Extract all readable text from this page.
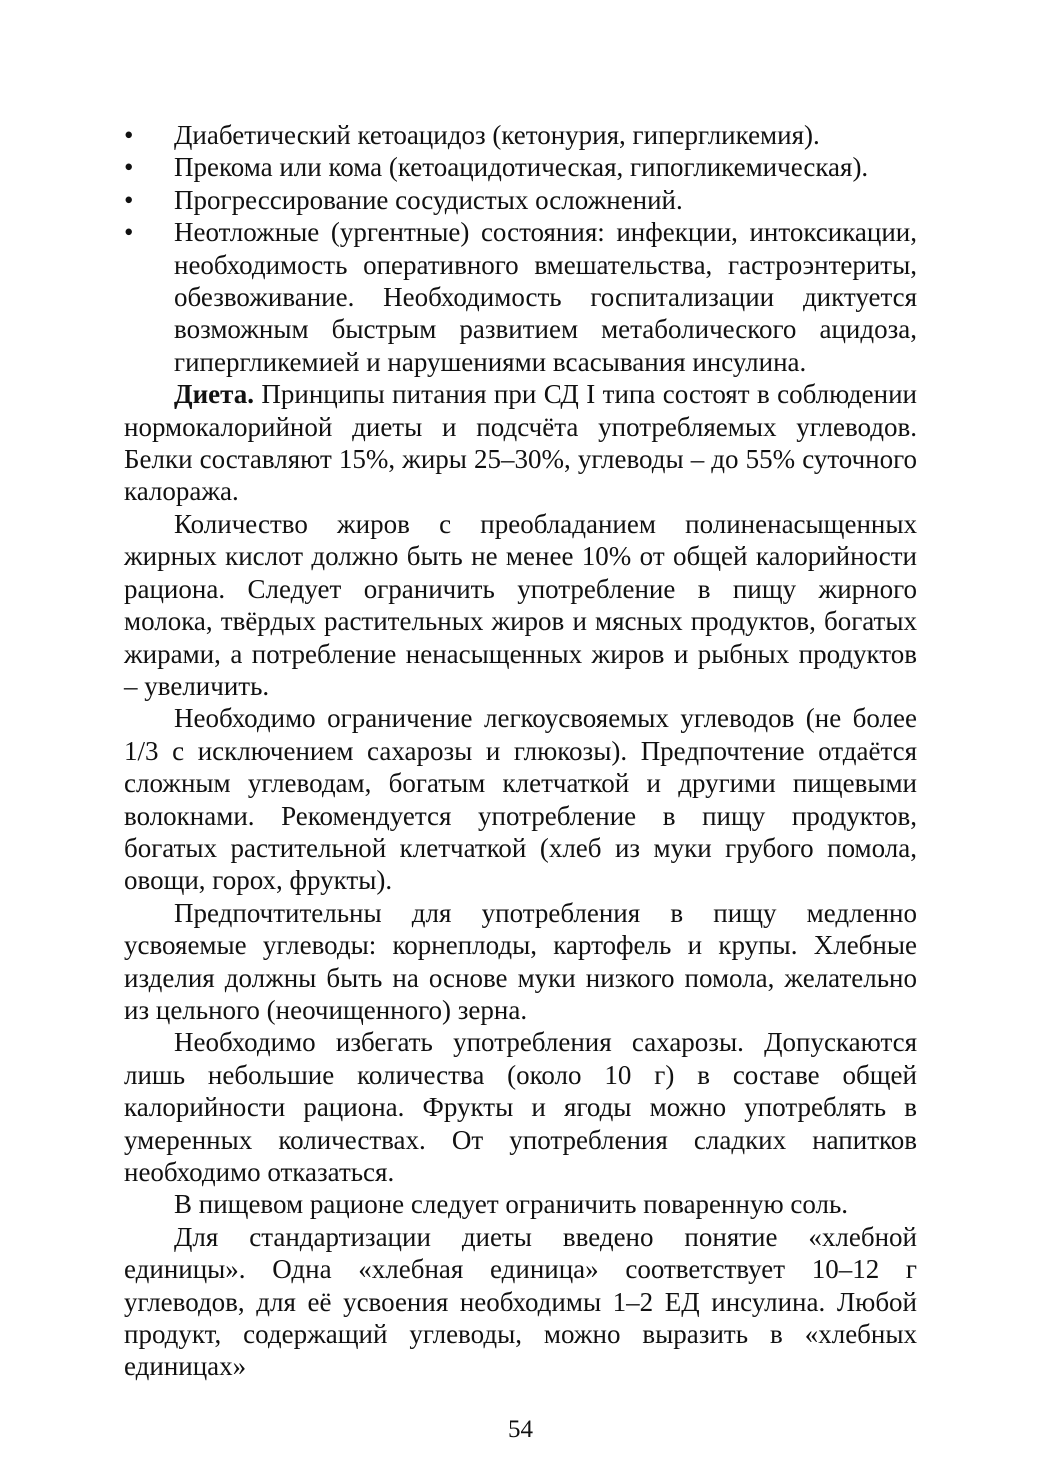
•	Диабетический кетоацидоз (кетонурия, гипергликемия).
•	Прекома или кома (кетоацидотическая, гипогликемическая).
•	Прогрессирование сосудистых осложнений.
•	Неотложные (ургентные) состояния: инфекции, интоксикации, необходимость оперативного вмешательства, гастроэнтериты, обезвоживание. Необходимость госпитализации диктуется возможным быстрым развитием метаболического ацидоза, гипергликемией и нарушениями всасывания инсулина.

Диета. Принципы питания при СД I типа состоят в соблюдении нормокалорийной диеты и подсчёта употребляемых углеводов. Белки составляют 15%, жиры 25–30%, углеводы – до 55% суточного калоража.

Количество жиров с преобладанием полиненасыщенных жирных кислот должно быть не менее 10% от общей калорийности рациона. Следует ограничить употребление в пищу жирного молока, твёрдых растительных жиров и мясных продуктов, богатых жирами, а потребление ненасыщенных жиров и рыбных продуктов – увеличить.

Необходимо ограничение легкоусвояемых углеводов (не более 1/3 с исключением сахарозы и глюкозы). Предпочтение отдаётся сложным углеводам, богатым клетчаткой и другими пищевыми волокнами. Рекомендуется употребление в пищу продуктов, богатых растительной клетчаткой (хлеб из муки грубого помола, овощи, горох, фрукты).

Предпочтительны для употребления в пищу медленно усвояемые углеводы: корнеплоды, картофель и крупы. Хлебные изделия должны быть на основе муки низкого помола, желательно из цельного (неочищенного) зерна.

Необходимо избегать употребления сахарозы. Допускаются лишь небольшие количества (около 10 г) в составе общей калорийности рациона. Фрукты и ягоды можно употреблять в умеренных количествах. От употребления сладких напитков необходимо отказаться.

В пищевом рационе следует ограничить поваренную соль.

Для стандартизации диеты введено понятие «хлебной единицы». Одна «хлебная единица» соответствует 10–12 г углеводов, для её усвоения необходимы 1–2 ЕД инсулина. Любой продукт, содержащий углеводы, можно выразить в «хлебных единицах»

54
